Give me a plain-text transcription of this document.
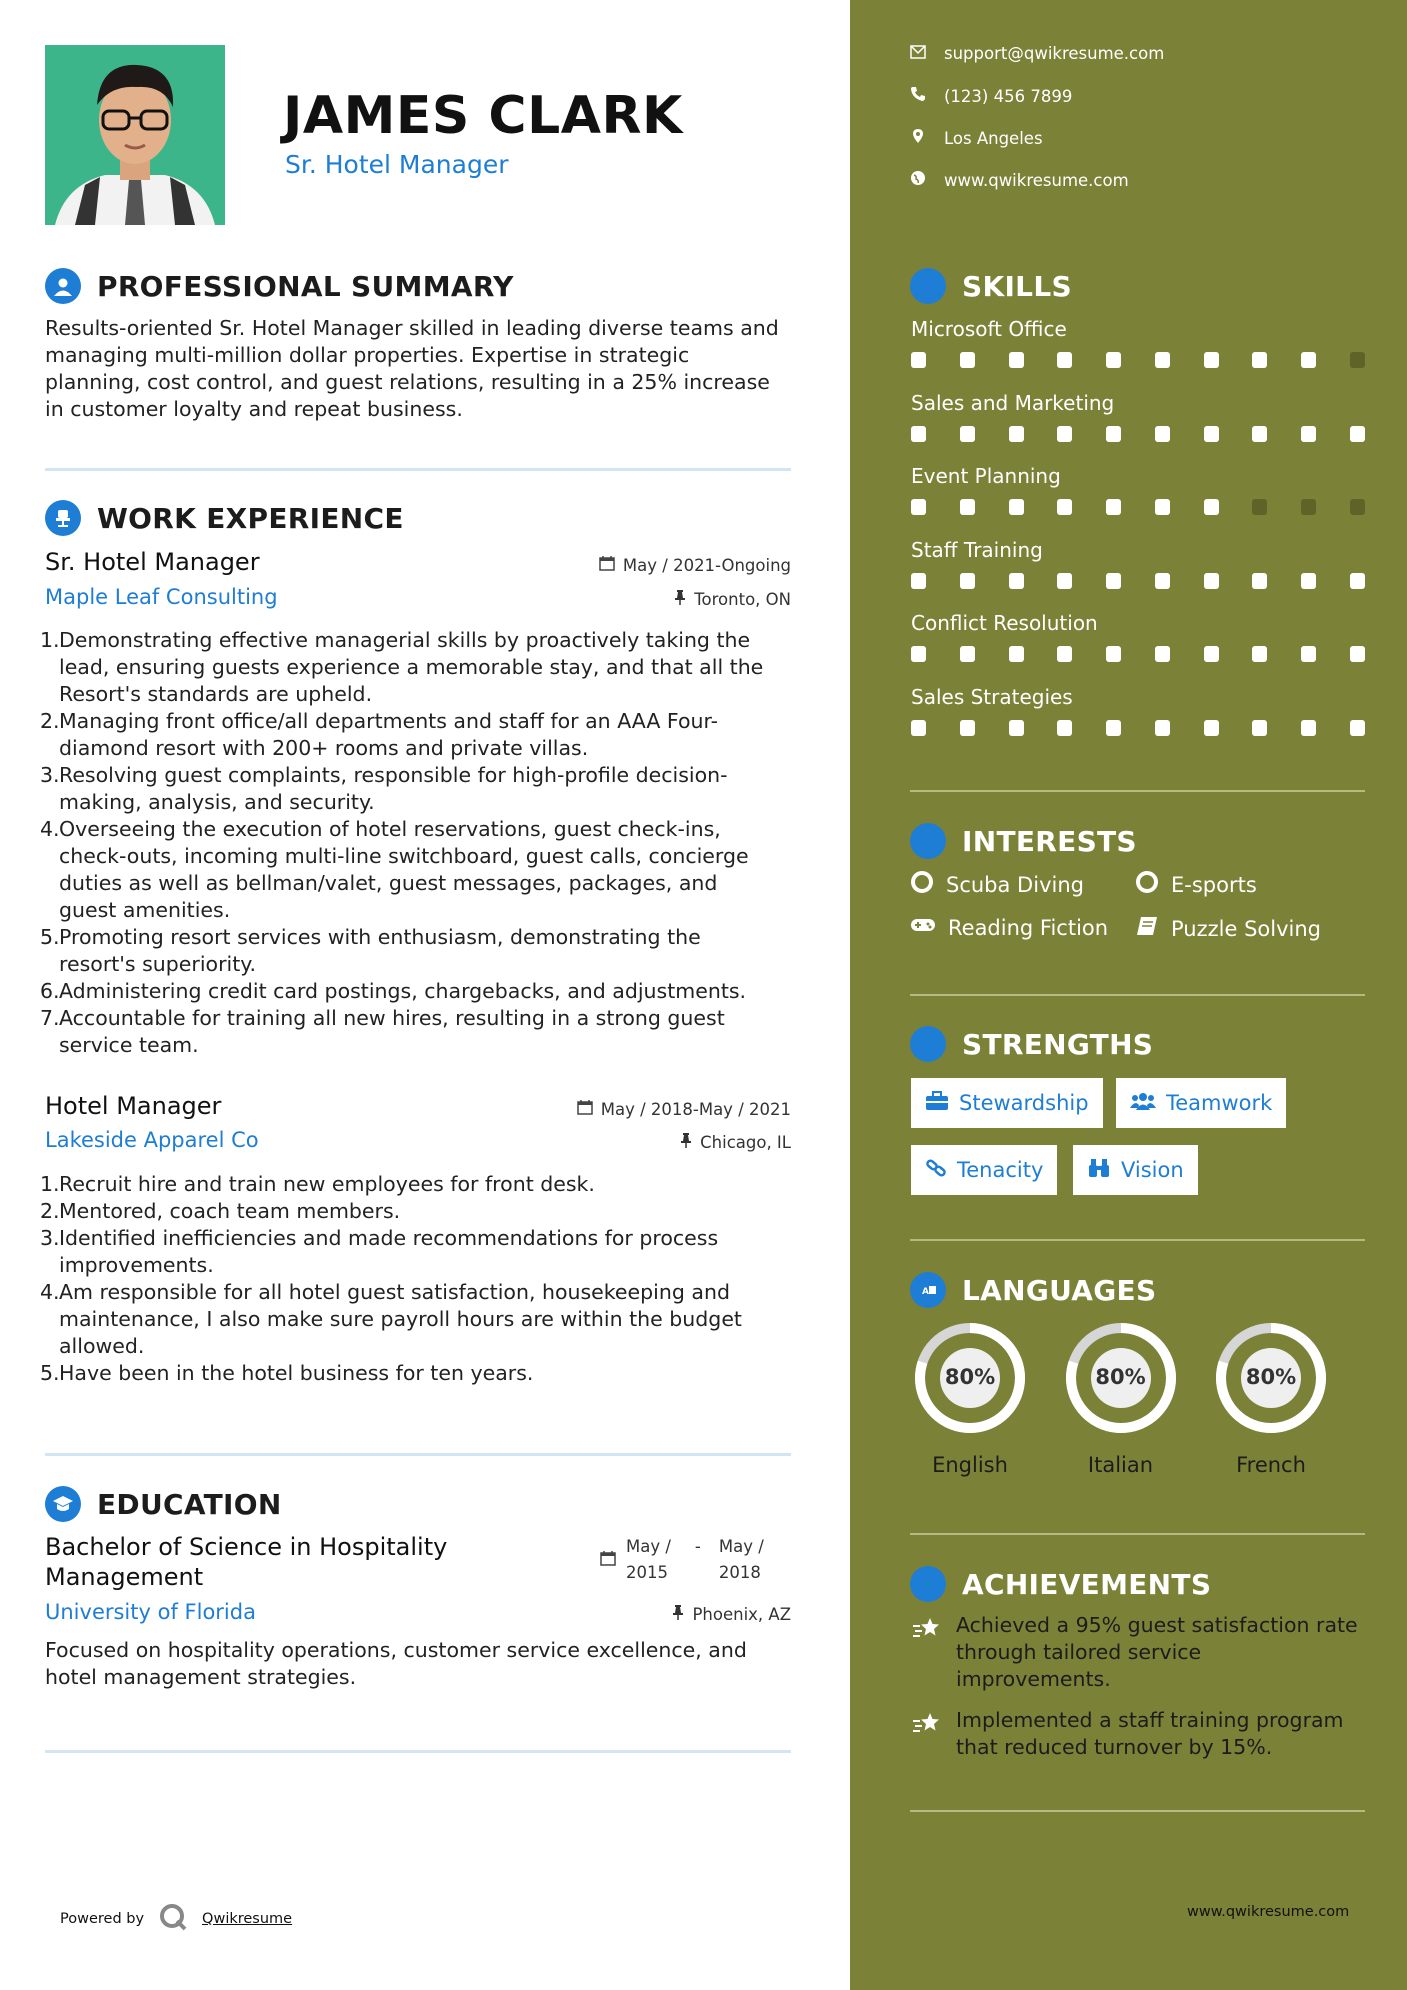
JAMES CLARK
Sr. Hotel Manager
PROFESSIONAL SUMMARY
Results-oriented Sr. Hotel Manager skilled in leading diverse teams and
managing multi-million dollar properties. Expertise in strategic
planning, cost control, and guest relations, resulting in a 25% increase
in customer loyalty and repeat business.
WORK EXPERIENCE
Sr. Hotel Manager	May / 2021-Ongoing
Maple Leaf Consulting	Toronto, ON
1. Demonstrating effective managerial skills by proactively taking the
lead, ensuring guests experience a memorable stay, and that all the
Resort's standards are upheld.
2. Managing front office/all departments and staff for an AAA Four-
diamond resort with 200+ rooms and private villas.
3. Resolving guest complaints, responsible for high-profile decision-
making, analysis, and security.
4. Overseeing the execution of hotel reservations, guest check-ins,
check-outs, incoming multi-line switchboard, guest calls, concierge
duties as well as bellman/valet, guest messages, packages, and
guest amenities.
5. Promoting resort services with enthusiasm, demonstrating the
resort's superiority.
6. Administering credit card postings, chargebacks, and adjustments.
7. Accountable for training all new hires, resulting in a strong guest
service team.
Hotel Manager	May / 2018-May / 2021
Lakeside Apparel Co	Chicago, IL
1. Recruit hire and train new employees for front desk.
2. Mentored, coach team members.
3. Identified inefficiencies and made recommendations for process
improvements.
4. Am responsible for all hotel guest satisfaction, housekeeping and
maintenance, I also make sure payroll hours are within the budget
allowed.
5. Have been in the hotel business for ten years.
EDUCATION
Bachelor of Science in Hospitality
Management
May /
2015
- May /
2018
University of Florida	Phoenix, AZ
Focused on hospitality operations, customer service excellence, and
hotel management strategies.
Powered by	Qwikresume
support@qwikresume.com
(123) 456 7899
Los Angeles
www.qwikresume.com
SKILLS
Microsoft Office
Sales and Marketing
Event Planning
Staff Training
Conflict Resolution
Sales Strategies
INTERESTS
Scuba Diving	E-sports
Reading Fiction	Puzzle Solving
STRENGTHS
Stewardship	Teamwork
Tenacity	Vision
A LANGUAGES
80%
English
80%
Italian
80%
French
ACHIEVEMENTS
Achieved a 95% guest satisfaction rate
through tailored service
improvements.
Implemented a staff training program
that reduced turnover by 15%.
www.qwikresume.com
